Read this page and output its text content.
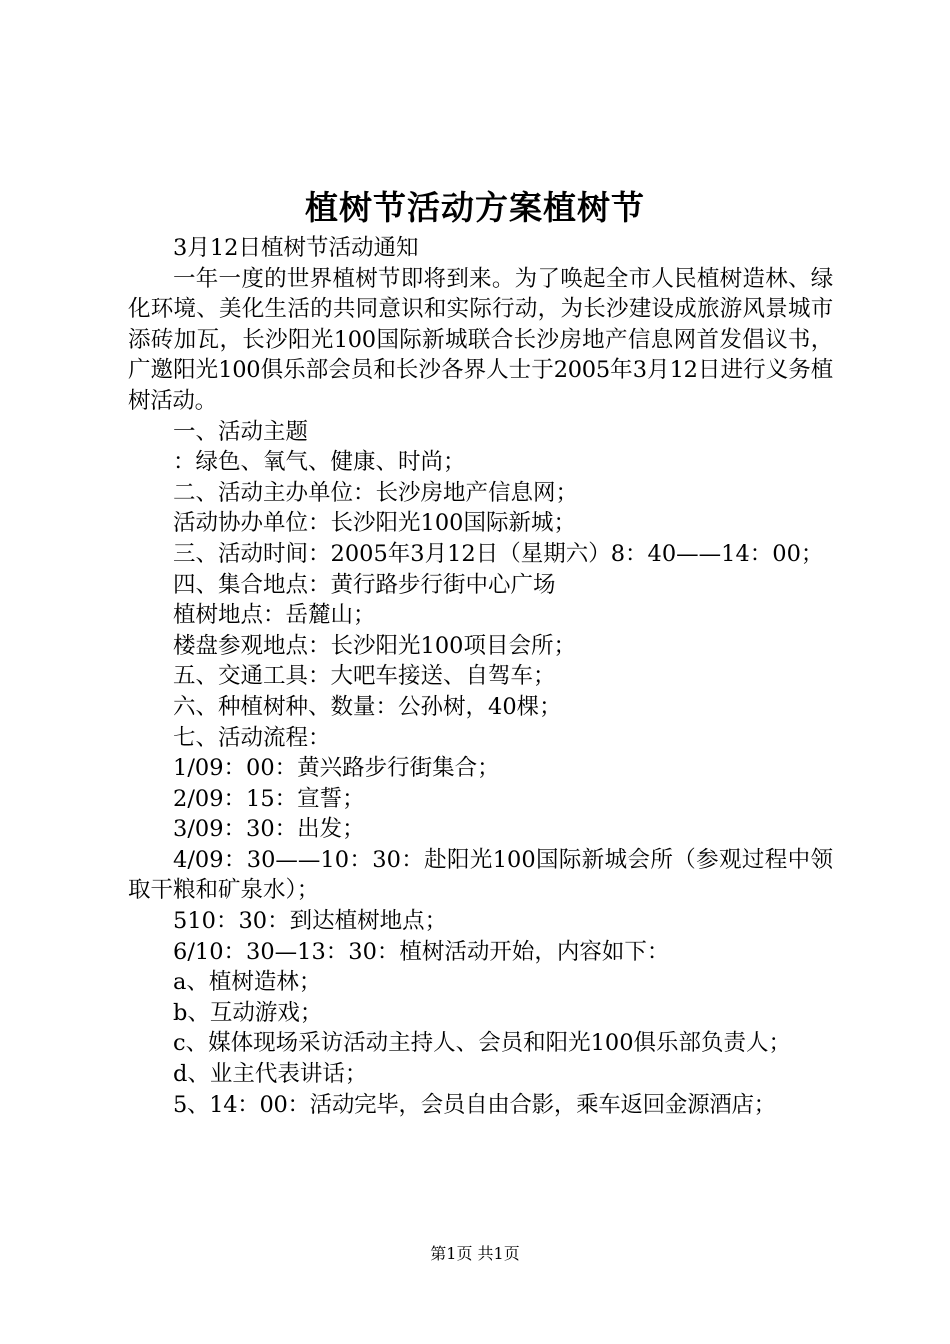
植树节活动方案植树节

3月12日植树节活动通知

一年一度的世界植树节即将到来。为了唤起全市人民植树造林、绿化环境、美化生活的共同意识和实际行动，为长沙建设成旅游风景城市添砖加瓦，长沙阳光100国际新城联合长沙房地产信息网首发倡议书，广邀阳光100俱乐部会员和长沙各界人士于2005年3月12日进行义务植树活动。

一、活动主题

：绿色、氧气、健康、时尚；

二、活动主办单位：长沙房地产信息网；

活动协办单位：长沙阳光100国际新城；

三、活动时间：2005年3月12日（星期六）8：40——14：00；

四、集合地点：黄行路步行街中心广场

植树地点：岳麓山；

楼盘参观地点：长沙阳光100项目会所；

五、交通工具：大吧车接送、自驾车；

六、种植树种、数量：公孙树，40棵；

七、活动流程：

1/09：00：黄兴路步行街集合；

2/09：15：宣誓；

3/09：30：出发；

4/09：30——10：30：赴阳光100国际新城会所（参观过程中领取干粮和矿泉水）；

510：30：到达植树地点；

6/10：30—13：30：植树活动开始，内容如下：

a、植树造林；

b、互动游戏；

c、媒体现场采访活动主持人、会员和阳光100俱乐部负责人；

d、业主代表讲话；

5、14：00：活动完毕，会员自由合影，乘车返回金源酒店；

第1页 共1页
